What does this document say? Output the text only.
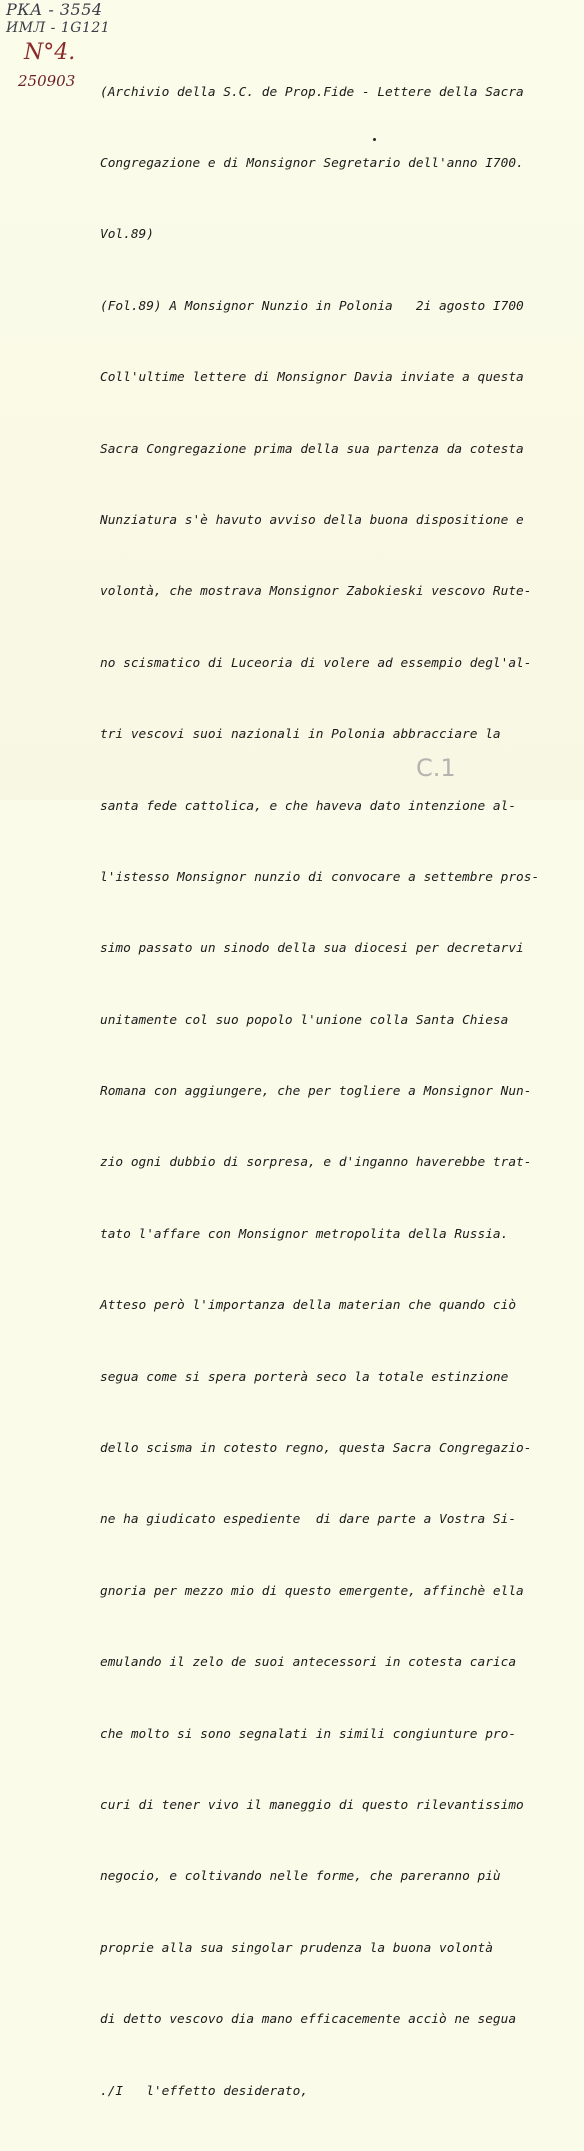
РКА - 3554
ИМЛ - 1G121
N°4.
250903

(Archivio della S.C. de Prop.Fide - Lettere della Sacra

Congregazione e di Monsignor Segretario dell'anno I700.

Vol.89)

(Fol.89) A Monsignor Nunzio in Polonia   2i agosto I700

Coll'ultime lettere di Monsignor Davia inviate a questa

Sacra Congregazione prima della sua partenza da cotesta

Nunziatura s'è havuto avviso della buona dispositione e

volontà, che mostrava Monsignor Zabokieski vescovo Rute-

no scismatico di Luceoria di volere ad essempio degl'al-

tri vescovi suoi nazionali in Polonia abbracciare la

santa fede cattolica, e che haveva dato intenzione al-

l'istesso Monsignor nunzio di convocare a settembre pros-

simo passato un sinodo della sua diocesi per decretarvi

unitamente col suo popolo l'unione colla Santa Chiesa

Romana con aggiungere, che per togliere a Monsignor Nun-

zio ogni dubbio di sorpresa, e d'inganno haverebbe trat-

tato l'affare con Monsignor metropolita della Russia.

Atteso però l'importanza della materian che quando ciò

segua come si spera porterà seco la totale estinzione

dello scisma in cotesto regno, questa Sacra Congregazio-

ne ha giudicato espediente  di dare parte a Vostra Si-

gnoria per mezzo mio di questo emergente, affinchè ella

emulando il zelo de suoi antecessori in cotesta carica

che molto si sono segnalati in simili congiunture pro-

curi di tener vivo il maneggio di questo rilevantissimo

negocio, e coltivando nelle forme, che pareranno più

proprie alla sua singolar prudenza la buona volontà

di detto vescovo dia mano efficacemente acciò ne segua

./I   l'effetto desiderato,

C.1
